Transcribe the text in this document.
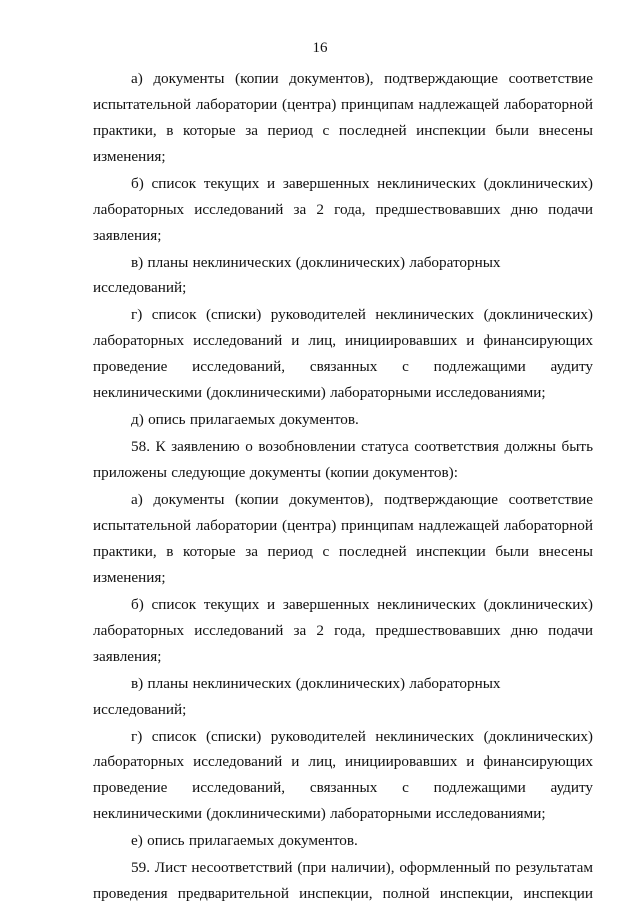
16

а) документы (копии документов), подтверждающие соответствие испытательной лаборатории (центра) принципам надлежащей лабораторной практики, в которые за период с последней инспекции были внесены изменения;

б) список текущих и завершенных неклинических (доклинических) лабораторных исследований за 2 года, предшествовавших дню подачи заявления;

в) планы неклинических (доклинических) лабораторных исследований;

г) список (списки) руководителей неклинических (доклинических) лабораторных исследований и лиц, инициировавших и финансирующих проведение исследований, связанных с подлежащими аудиту неклиническими (доклиническими) лабораторными исследованиями;

д) опись прилагаемых документов.

58. К заявлению о возобновлении статуса соответствия должны быть приложены следующие документы (копии документов):

а) документы (копии документов), подтверждающие соответствие испытательной лаборатории (центра) принципам надлежащей лабораторной практики, в которые за период с последней инспекции были внесены изменения;

б) список текущих и завершенных неклинических (доклинических) лабораторных исследований за 2 года, предшествовавших дню подачи заявления;

в) планы неклинических (доклинических) лабораторных исследований;

г) список (списки) руководителей неклинических (доклинических) лабораторных исследований и лиц, инициировавших и финансирующих проведение исследований, связанных с подлежащими аудиту неклиническими (доклиническими) лабораторными исследованиями;

е) опись прилагаемых документов.

59. Лист несоответствий (при наличии), оформленный по результатам проведения предварительной инспекции, полной инспекции, инспекции
